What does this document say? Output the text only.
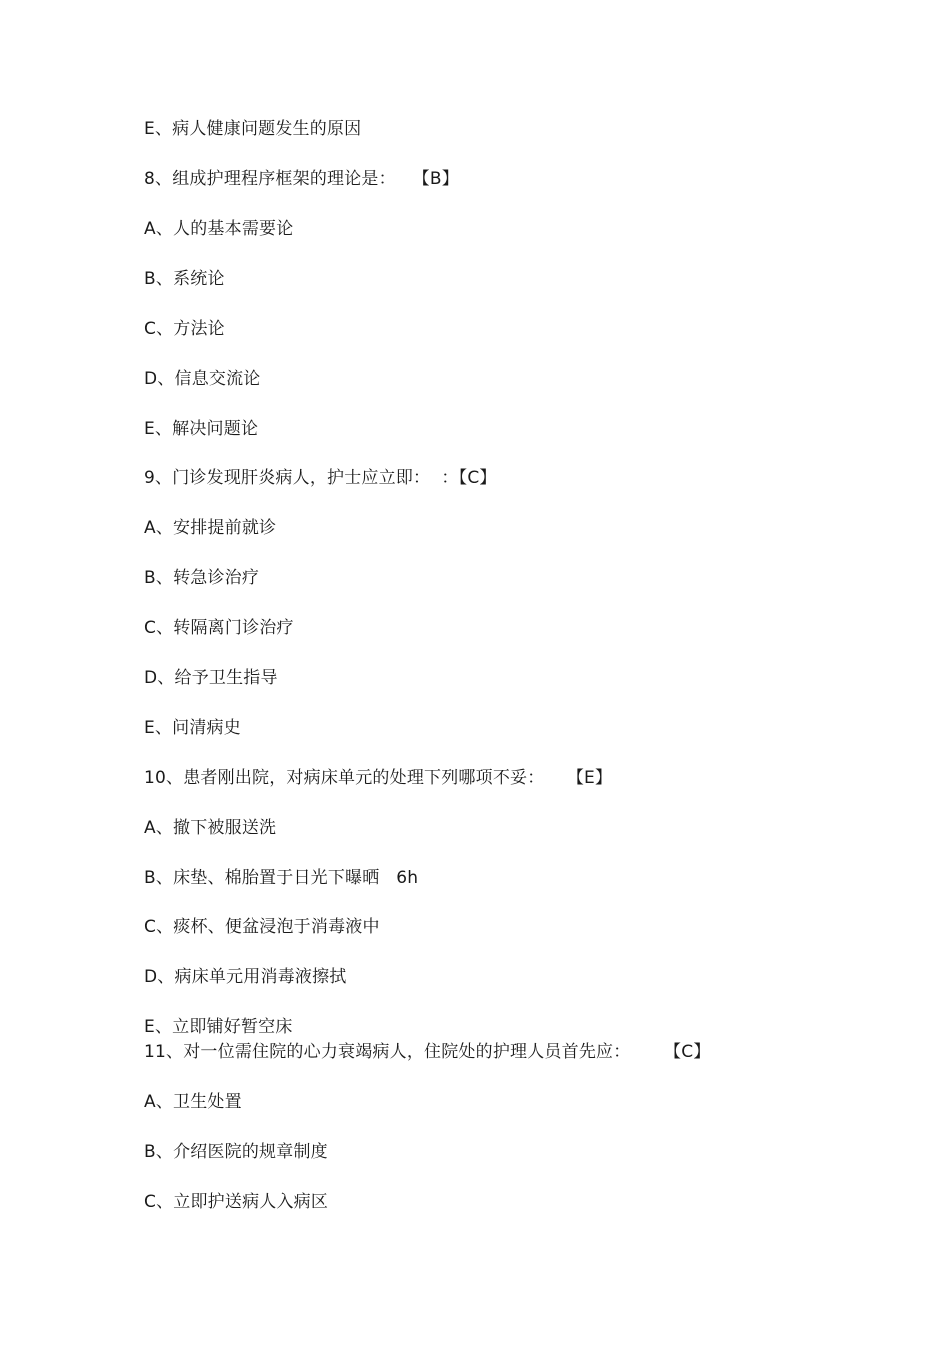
E、病人健康问题发生的原因
8、组成护理程序框架的理论是：   【B】
A、人的基本需要论
B、系统论
C、方法论
D、信息交流论
E、解决问题论
9、门诊发现肝炎病人，护士应立即：  ：【C】
A、安排提前就诊
B、转急诊治疗
C、转隔离门诊治疗
D、给予卫生指导
E、问清病史
10、患者刚出院，对病床单元的处理下列哪项不妥：    【E】
A、撤下被服送洗
B、床垫、棉胎置于日光下曝晒   6h
C、痰杯、便盆浸泡于消毒液中
D、病床单元用消毒液擦拭
E、立即铺好暂空床
11、对一位需住院的心力衰竭病人，住院处的护理人员首先应：      【C】
A、卫生处置
B、介绍医院的规章制度
C、立即护送病人入病区
